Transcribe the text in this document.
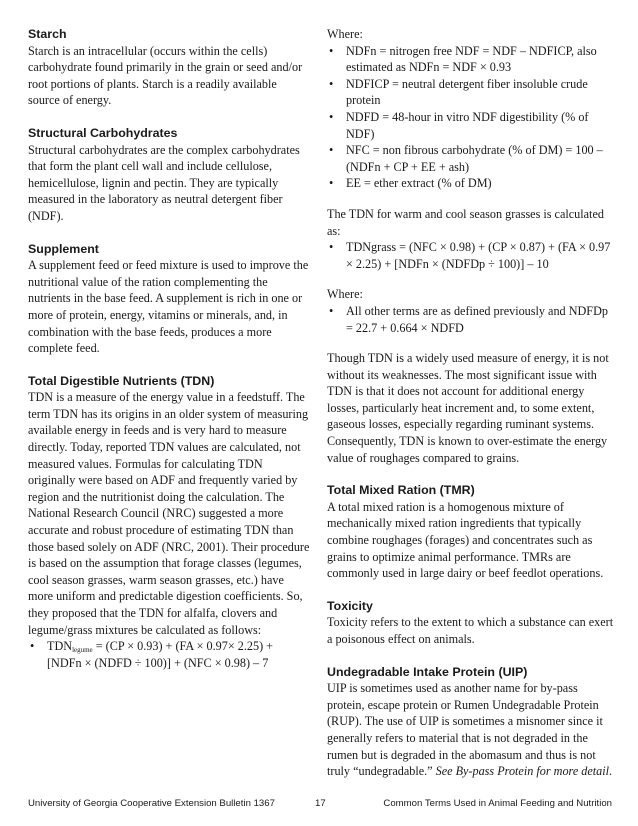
Starch

Starch is an intracellular (occurs within the cells) carbohydrate found primarily in the grain or seed and/or root portions of plants. Starch is a readily available source of energy.

Structural Carbohydrates

Structural carbohydrates are the complex carbohydrates that form the plant cell wall and include cellulose, hemicellulose, lignin and pectin. They are typically measured in the laboratory as neutral detergent fiber (NDF).

Supplement

A supplement feed or feed mixture is used to improve the nutritional value of the ration complementing the nutrients in the base feed. A supplement is rich in one or more of protein, energy, vitamins or minerals, and, in combination with the base feeds, produces a more complete feed.

Total Digestible Nutrients (TDN)

TDN is a measure of the energy value in a feedstuff. The term TDN has its origins in an older system of measuring available energy in feeds and is very hard to measure directly. Today, reported TDN values are calculated, not measured values. Formulas for calculating TDN originally were based on ADF and frequently varied by region and the nutritionist doing the calculation. The National Research Council (NRC) suggested a more accurate and robust procedure of estimating TDN than those based solely on ADF (NRC, 2001). Their procedure is based on the assumption that forage classes (legumes, cool season grasses, warm season grasses, etc.) have more uniform and predictable digestion coefficients. So, they proposed that the TDN for alfalfa, clovers and legume/grass mixtures be calculated as follows:

• $TDN_{legume} = (CP \times 0.93) + (FA \times 0.97\times 2.25)$ + [NDFn × (NDFD ÷ 100)] + (NFC × 0.98) – 7

Where:

• NDFn = nitrogen free NDF = NDF – NDFICP, also estimated as NDFn = NDF × 0.93
• NDFICP = neutral detergent fiber insoluble crude protein
• NDFD = 48-hour in vitro NDF digestibility (% of NDF)
• NFC = non fibrous carbohydrate (% of DM) = 100 – (NDFn + CP + EE + ash)
• EE = ether extract (% of DM)

The TDN for warm and cool season grasses is calculated as:

• TDNgrass = (NFC × 0.98) + (CP × 0.87) + (FA × 0.97 × 2.25) + [NDFn × (NDFDp ÷ 100)] – 10

Where:

• All other terms are as defined previously and NDFDp = 22.7 + 0.664 × NDFD

Though TDN is a widely used measure of energy, it is not without its weaknesses. The most significant issue with TDN is that it does not account for additional energy losses, particularly heat increment and, to some extent, gaseous losses, especially regarding ruminant systems. Consequently, TDN is known to over-estimate the energy value of roughages compared to grains.

Total Mixed Ration (TMR)

A total mixed ration is a homogenous mixture of mechanically mixed ration ingredients that typically combine roughages (forages) and concentrates such as grains to optimize animal performance. TMRs are commonly used in large dairy or beef feedlot operations.

Toxicity

Toxicity refers to the extent to which a substance can exert a poisonous effect on animals.

Undegradable Intake Protein (UIP)

UIP is sometimes used as another name for by-pass protein, escape protein or Rumen Undegradable Protein (RUP). The use of UIP is sometimes a misnomer since it generally refers to material that is not degraded in the rumen but is degraded in the abomasum and thus is not truly “undegradable.” See By-pass Protein for more detail.

University of Georgia Cooperative Extension Bulletin 1367	17	Common Terms Used in Animal Feeding and Nutrition
